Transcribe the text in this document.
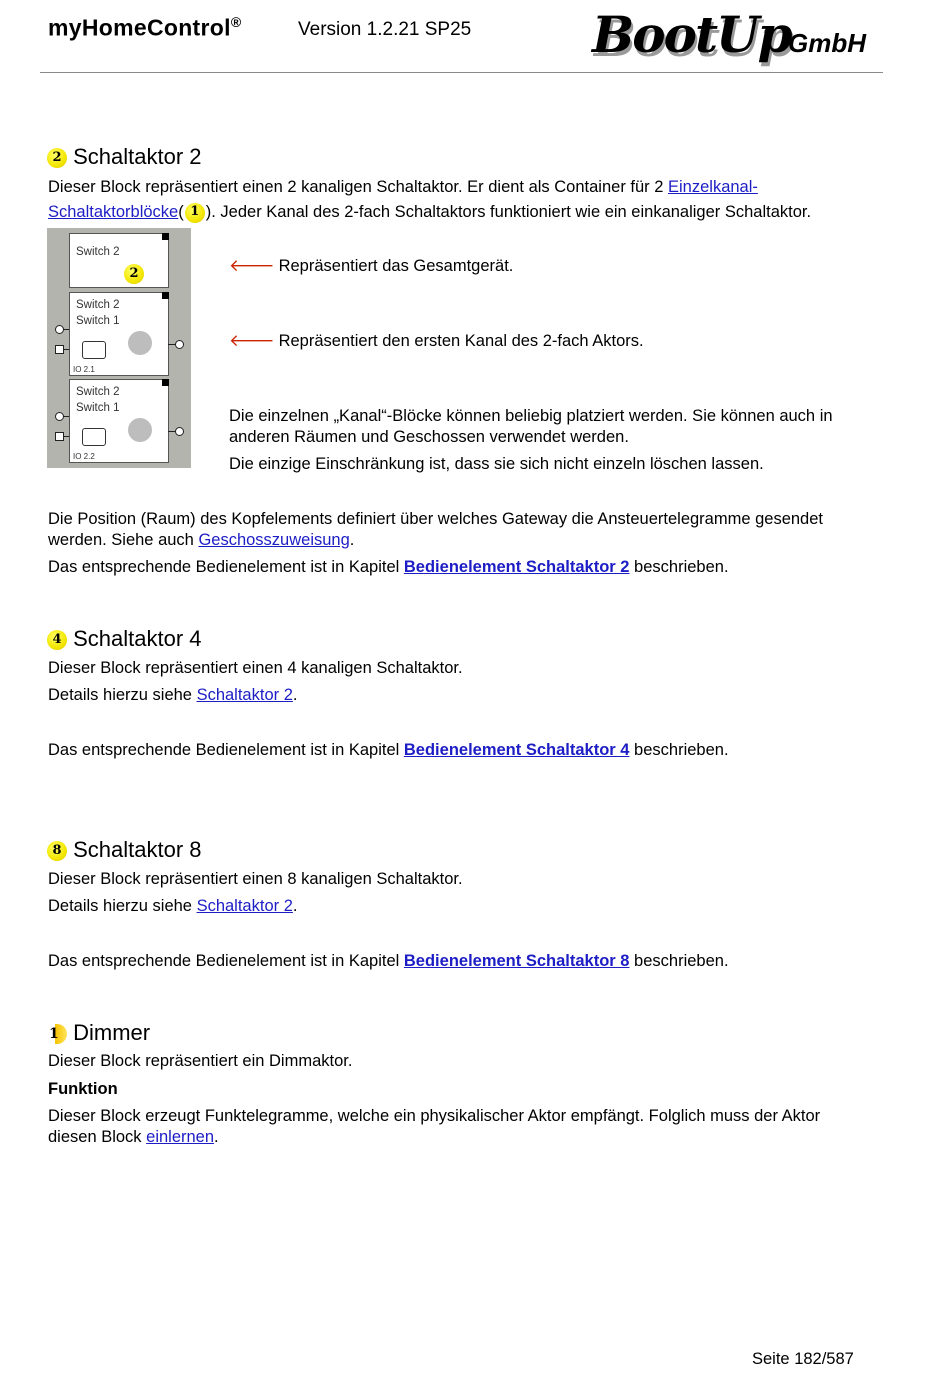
myHomeControl®	Version 1.2.21 SP25 BootUp
GmbH
2 Schaltaktor 2
Dieser Block repräsentiert einen 2 kanaligen Schaltaktor. Er dient als Container für 2 Einzelkanal-
Schaltaktorblöcke( 1 ). Jeder Kanal des 2-fach Schaltaktors funktioniert wie ein einkanaliger Schaltaktor.
Switch 2
2
Switch 2
Switch 1
IO 2.1
Switch 2
Switch 1
IO 2.2
🡐 Repräsentiert das Gesamtgerät.
🡐 Repräsentiert den ersten Kanal des 2-fach Aktors.
Die einzelnen „Kanal“-Blöcke können beliebig platziert werden. Sie können auch in anderen Räumen und Geschossen verwendet werden.
Die einzige Einschränkung ist, dass sie sich nicht einzeln löschen lassen.
Die Position (Raum) des Kopfelements definiert über welches Gateway die Ansteuertelegramme gesendet werden. Siehe auch Geschosszuweisung.
Das entsprechende Bedienelement ist in Kapitel Bedienelement Schaltaktor 2 beschrieben.
4 Schaltaktor 4
Dieser Block repräsentiert einen 4 kanaligen Schaltaktor.
Details hierzu siehe Schaltaktor 2.
Das entsprechende Bedienelement ist in Kapitel Bedienelement Schaltaktor 4 beschrieben.
8 Schaltaktor 8
Dieser Block repräsentiert einen 8 kanaligen Schaltaktor.
Details hierzu siehe Schaltaktor 2.
Das entsprechende Bedienelement ist in Kapitel Bedienelement Schaltaktor 8 beschrieben.
1 Dimmer
Dieser Block repräsentiert ein Dimmaktor.
Funktion
Dieser Block erzeugt Funktelegramme, welche ein physikalischer Aktor empfängt. Folglich muss der Aktor diesen Block einlernen.
Seite 182/587
